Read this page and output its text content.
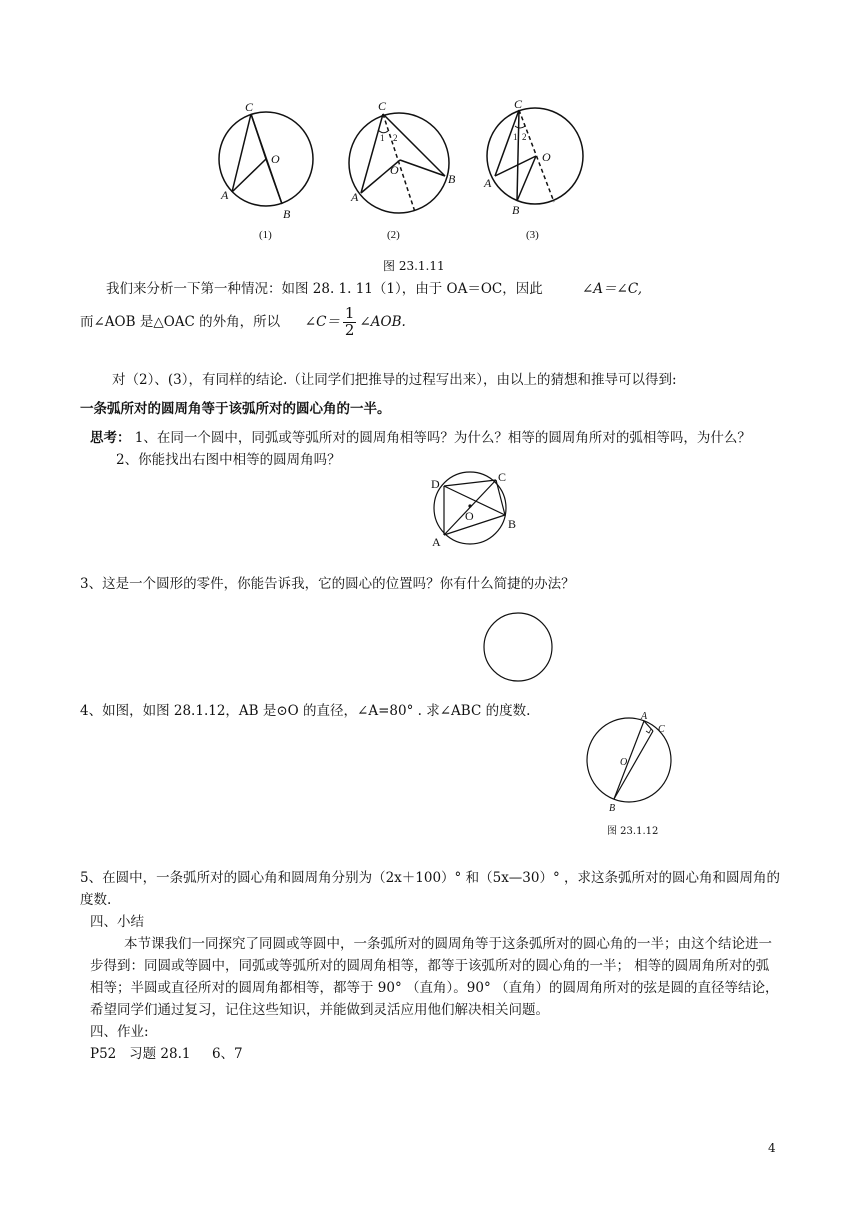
C
O
A
B
C
O
A
B
C
O
A
B
1 2	1 2
(1)	(2)	(3)
图 23.1.11
我们来分析一下第一种情况：如图 28. 1. 11（1），由于 OA＝OC，因此	∠A＝∠C,
而∠AOB 是△OAC 的外角，所以 ∠C＝ $\frac{1}{2}$ ∠AOB.
对（2）、(3），有同样的结论.（让同学们把推导的过程写出来），由以上的猜想和推导可以得到:
一条弧所对的圆周角等于该弧所对的圆心角的一半。
思考： 1、在同一个圆中，同弧或等弧所对的圆周角相等吗？为什么？相等的圆周角所对的弧相等吗，为什么？
2、你能找出右图中相等的圆周角吗？
D	C
O
B
A
3、这是一个圆形的零件，你能告诉我，它的圆心的位置吗？你有什么简捷的办法？
4、如图，如图 28.1.12，AB 是⊙O 的直径，∠A=80° . 求∠ABC 的度数.	A
C
O
B
图 23.1.12
5、在圆中，一条弧所对的圆心角和圆周角分别为（2x＋100）° 和（5x—30）° ，求这条弧所对的圆心角和圆周角的
度数.
四、小结
本节课我们一同探究了同圆或等圆中，一条弧所对的圆周角等于这条弧所对的圆心角的一半；由这个结论进一
步得到：同圆或等圆中，同弧或等弧所对的圆周角相等，都等于该弧所对的圆心角的一半； 相等的圆周角所对的弧
相等；半圆或直径所对的圆周角都相等，都等于 90° （直角）。90° （直角）的圆周角所对的弦是圆的直径等结论，
希望同学们通过复习，记住这些知识，并能做到灵活应用他们解决相关问题。
四、作业:
P52   习题 28.1     6、7
4
